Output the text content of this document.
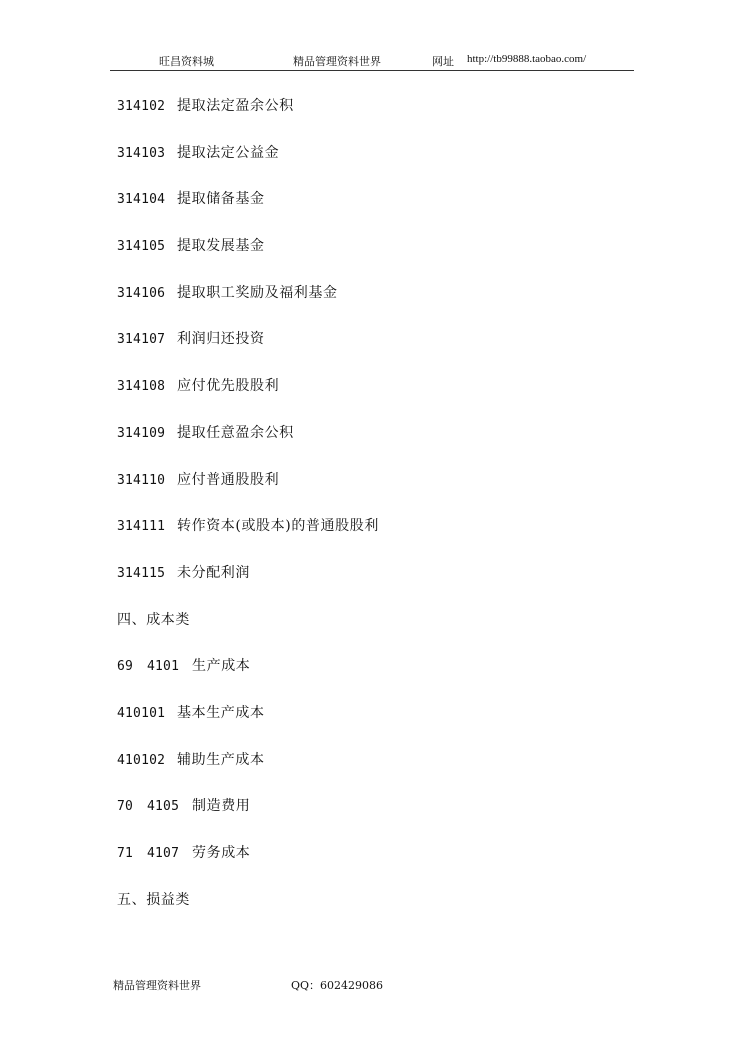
旺昌资料城	精品管理资料世界	网址 http://tb99888.taobao.com/
314102 提取法定盈余公积
314103 提取法定公益金
314104 提取储备基金
314105 提取发展基金
314106 提取职工奖励及福利基金
314107 利润归还投资
314108 应付优先股股利
314109 提取任意盈余公积
314110 应付普通股股利
314111 转作资本(或股本)的普通股股利
314115 未分配利润
四、成本类
69 4101 生产成本
410101 基本生产成本
410102 辅助生产成本
70 4105 制造费用
71 4107 劳务成本
五、损益类
精品管理资料世界	QQ：602429086
